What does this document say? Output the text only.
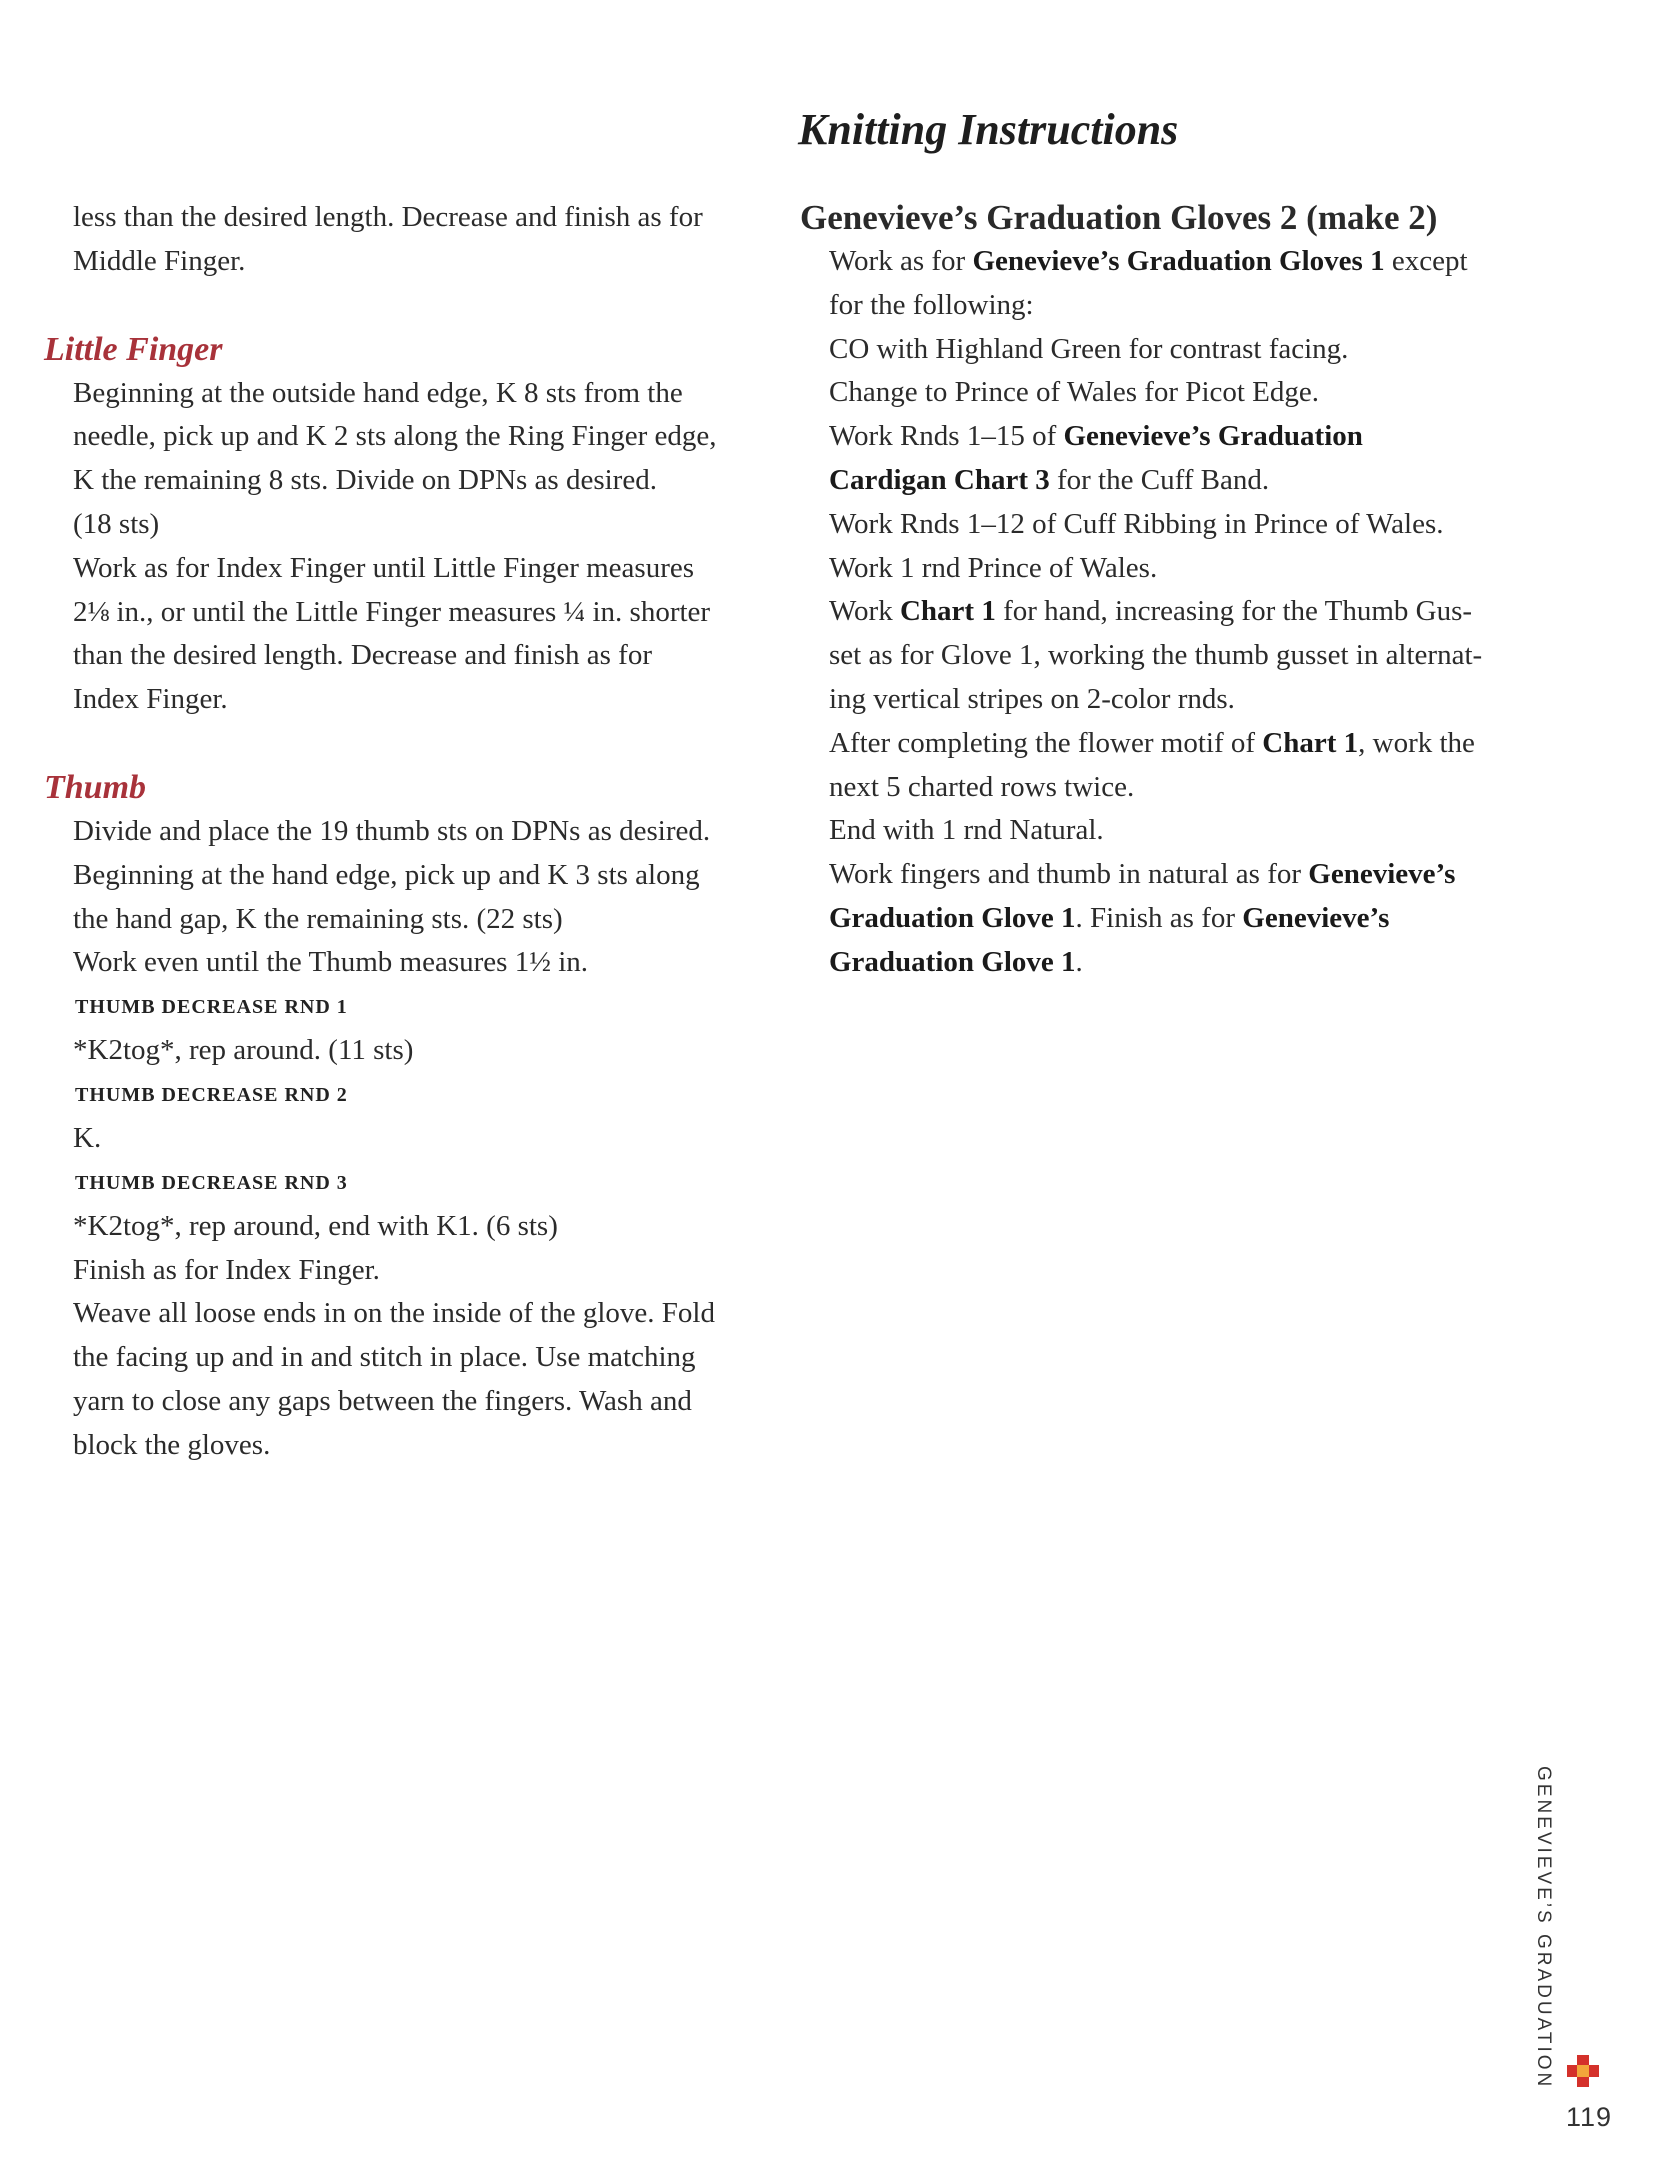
Knitting Instructions

less than the desired length. Decrease and finish as for
Middle Finger.

Little Finger

Beginning at the outside hand edge, K 8 sts from the
needle, pick up and K 2 sts along the Ring Finger edge,
K the remaining 8 sts. Divide on DPNs as desired.
(18 sts)
Work as for Index Finger until Little Finger measures
2⅛ in., or until the Little Finger measures ¼ in. shorter
than the desired length. Decrease and finish as for
Index Finger.

Thumb

Divide and place the 19 thumb sts on DPNs as desired.
Beginning at the hand edge, pick up and K 3 sts along
the hand gap, K the remaining sts. (22 sts)
Work even until the Thumb measures 1½ in.

THUMB DECREASE RND 1

*K2tog*, rep around. (11 sts)

THUMB DECREASE RND 2

K.

THUMB DECREASE RND 3

*K2tog*, rep around, end with K1. (6 sts)
Finish as for Index Finger.
Weave all loose ends in on the inside of the glove. Fold
the facing up and in and stitch in place. Use matching
yarn to close any gaps between the fingers. Wash and
block the gloves.

Genevieve’s Graduation Gloves 2 (make 2)

Work as for Genevieve’s Graduation Gloves 1 except
for the following:
CO with Highland Green for contrast facing.
Change to Prince of Wales for Picot Edge.
Work Rnds 1–15 of Genevieve’s Graduation
Cardigan Chart 3 for the Cuff Band.
Work Rnds 1–12 of Cuff Ribbing in Prince of Wales.
Work 1 rnd Prince of Wales.
Work Chart 1 for hand, increasing for the Thumb Gus-
set as for Glove 1, working the thumb gusset in alternat-
ing vertical stripes on 2-color rnds.
After completing the flower motif of Chart 1, work the
next 5 charted rows twice.
End with 1 rnd Natural.
Work fingers and thumb in natural as for Genevieve’s
Graduation Glove 1. Finish as for Genevieve’s
Graduation Glove 1.

GENEVIEVE’S GRADUATION
119
